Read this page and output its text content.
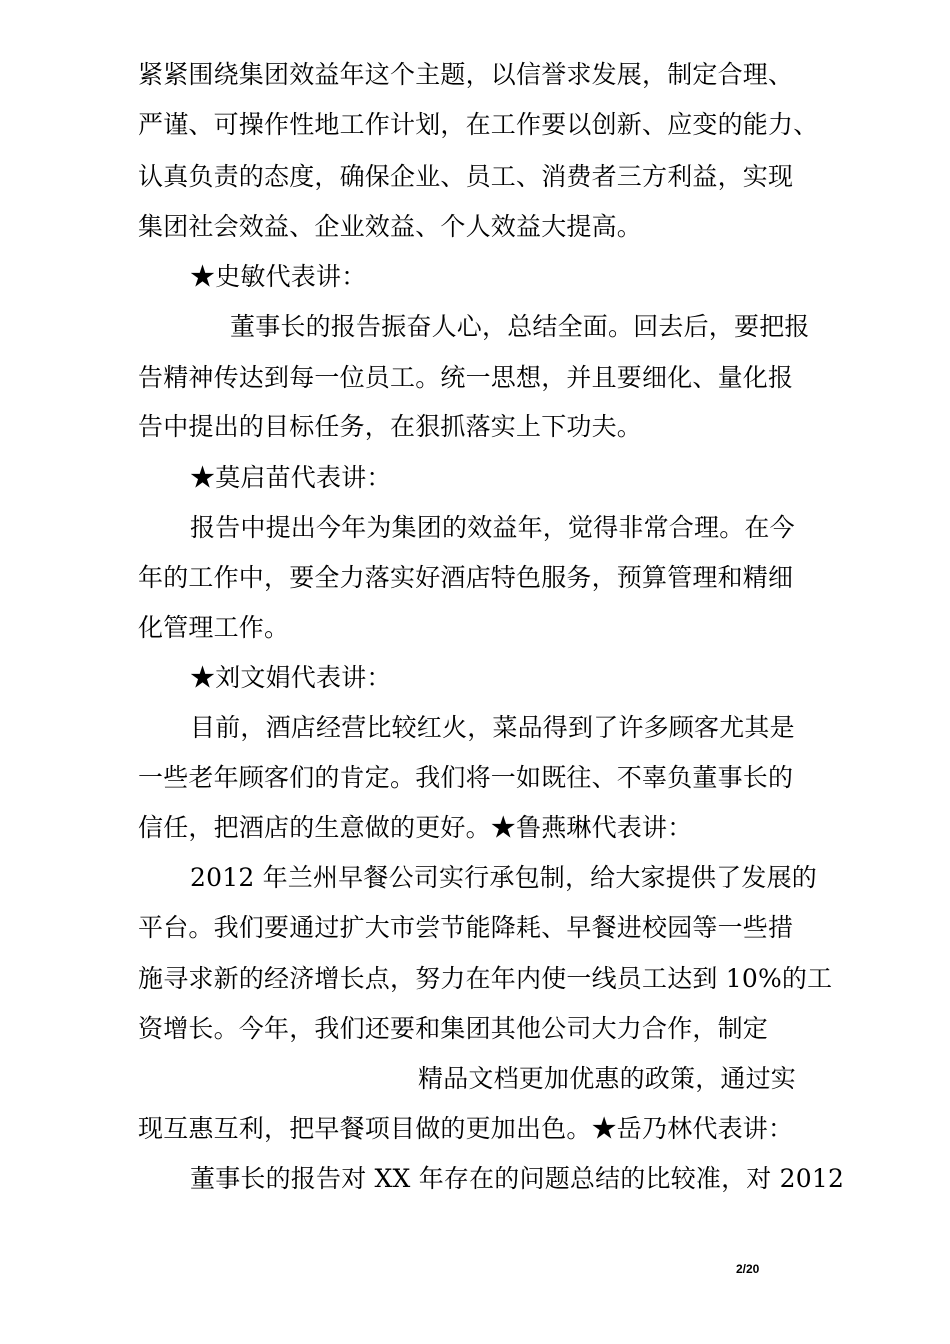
紧紧围绕集团效益年这个主题，以信誉求发展，制定合理、
严谨、可操作性地工作计划，在工作要以创新、应变的能力、
认真负责的态度，确保企业、员工、消费者三方利益，实现
集团社会效益、企业效益、个人效益大提高。
★史敏代表讲：
董事长的报告振奋人心，总结全面。回去后，要把报
告精神传达到每一位员工。统一思想，并且要细化、量化报
告中提出的目标任务，在狠抓落实上下功夫。
★莫启苗代表讲：
报告中提出今年为集团的效益年，觉得非常合理。在今
年的工作中，要全力落实好酒店特色服务，预算管理和精细
化管理工作。
★刘文娟代表讲：
目前，酒店经营比较红火，菜品得到了许多顾客尤其是
一些老年顾客们的肯定。我们将一如既往、不辜负董事长的
信任，把酒店的生意做的更好。★鲁燕琳代表讲：
2012 年兰州早餐公司实行承包制，给大家提供了发展的
平台。我们要通过扩大市尝节能降耗、早餐进校园等一些措
施寻求新的经济增长点，努力在年内使一线员工达到 10%的工
资增长。今年，我们还要和集团其他公司大力合作，制定
精品文档更加优惠的政策，通过实
现互惠互利，把早餐项目做的更加出色。★岳乃林代表讲：
董事长的报告对 XX 年存在的问题总结的比较准，对 2012
2/20
